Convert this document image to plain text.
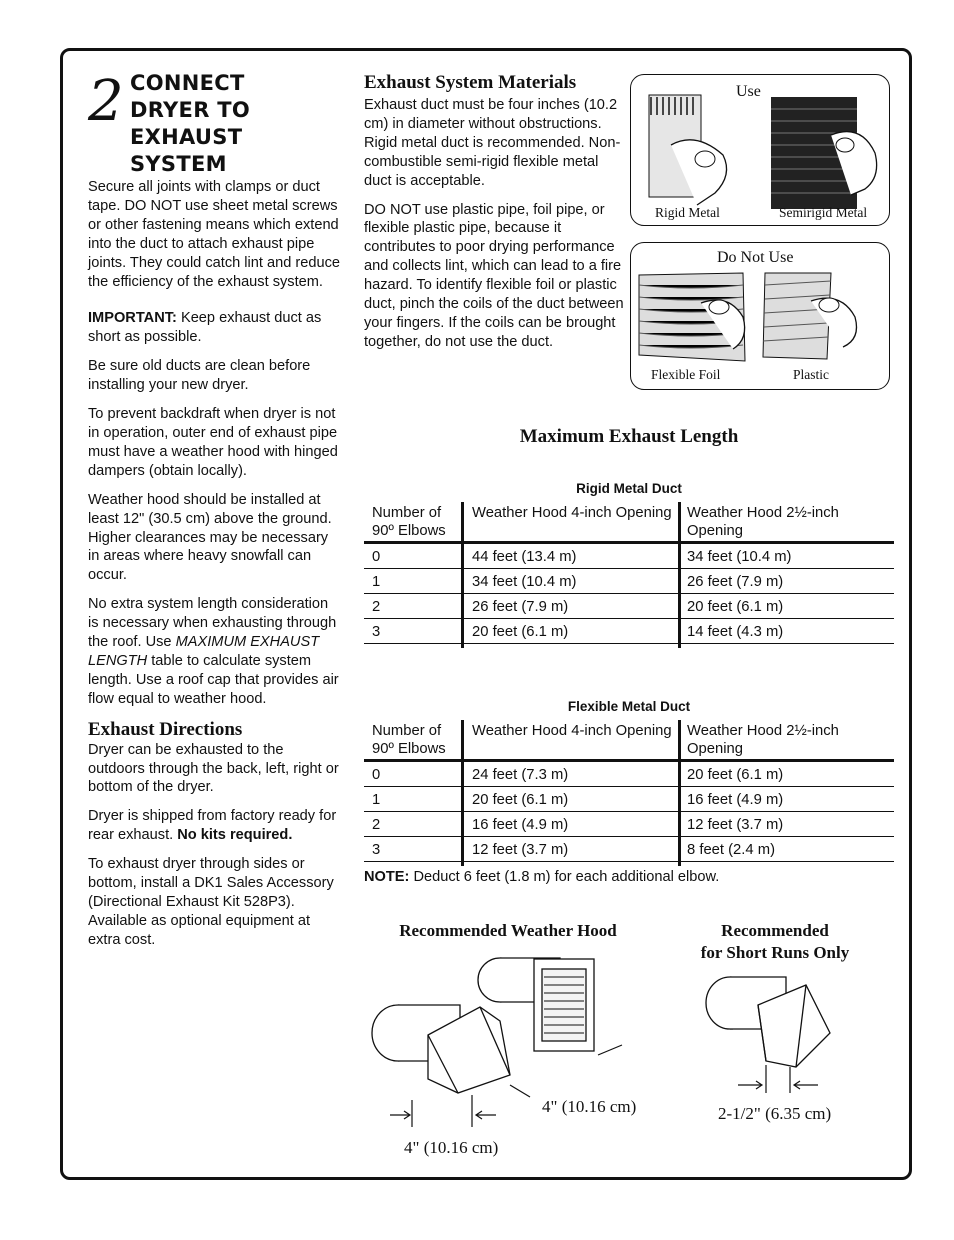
2 CONNECT
DRYER TO
EXHAUST
SYSTEM

Secure all joints with clamps or duct tape. DO NOT use sheet metal screws or other fastening means which extend into the duct to attach exhaust pipe joints. They could catch lint and reduce the efficiency of the exhaust system.

IMPORTANT: Keep exhaust duct as short as possible.

Be sure old ducts are clean before installing your new dryer.

To prevent backdraft when dryer is not in operation, outer end of exhaust pipe must have a weather hood with hinged dampers (obtain locally).

Weather hood should be installed at least 12" (30.5 cm) above the ground. Higher clearances may be necessary in areas where heavy snowfall can occur.

No extra system length consideration is necessary when exhausting through the roof. Use MAXIMUM EXHAUST LENGTH table to calculate system length. Use a roof cap that provides air flow equal to weather hood.

Exhaust Directions

Dryer can be exhausted to the outdoors through the back, left, right or bottom of the dryer.

Dryer is shipped from factory ready for rear exhaust. No kits required.

To exhaust dryer through sides or bottom, install a DK1 Sales Accessory (Directional Exhaust Kit 528P3). Available as optional equipment at extra cost.

Exhaust System Materials

Exhaust duct must be four inches (10.2 cm) in diameter without obstructions. Rigid metal duct is recommended. Non-combustible semi-rigid flexible metal duct is acceptable.

DO NOT use plastic pipe, foil pipe, or flexible plastic pipe, because it contributes to poor drying performance and collects lint, which can lead to a fire hazard. To identify flexible foil or plastic duct, pinch the coils of the duct between your fingers. If the coils can be brought together, do not use the duct.

Use
Rigid Metal	Semirigid Metal
Do Not Use
Flexible Foil	Plastic
Maximum Exhaust Length
Rigid Metal Duct
Number of 90º Elbows
Weather Hood 4-inch Opening Weather Hood 2½-inch Opening
0	44 feet (13.4 m)	34 feet (10.4 m)
1	34 feet (10.4 m)	26 feet (7.9 m)
2	26 feet (7.9 m)	20 feet (6.1 m)
3	20 feet (6.1 m)	14 feet (4.3 m)
Flexible Metal Duct
Number of 90º Elbows
Weather Hood 4-inch Opening Weather Hood 2½-inch Opening
0	24 feet (7.3 m)	20 feet (6.1 m)
1	20 feet (6.1 m)	16 feet (4.9 m)
2	16 feet (4.9 m)	12 feet (3.7 m)
3	12 feet (3.7 m)	8 feet (2.4 m)
NOTE: Deduct 6 feet (1.8 m) for each additional elbow.
Recommended Weather Hood	Recommended
for Short Runs Only
4" (10.16 cm)
4" (10.16 cm)
2-1/2" (6.35 cm)
